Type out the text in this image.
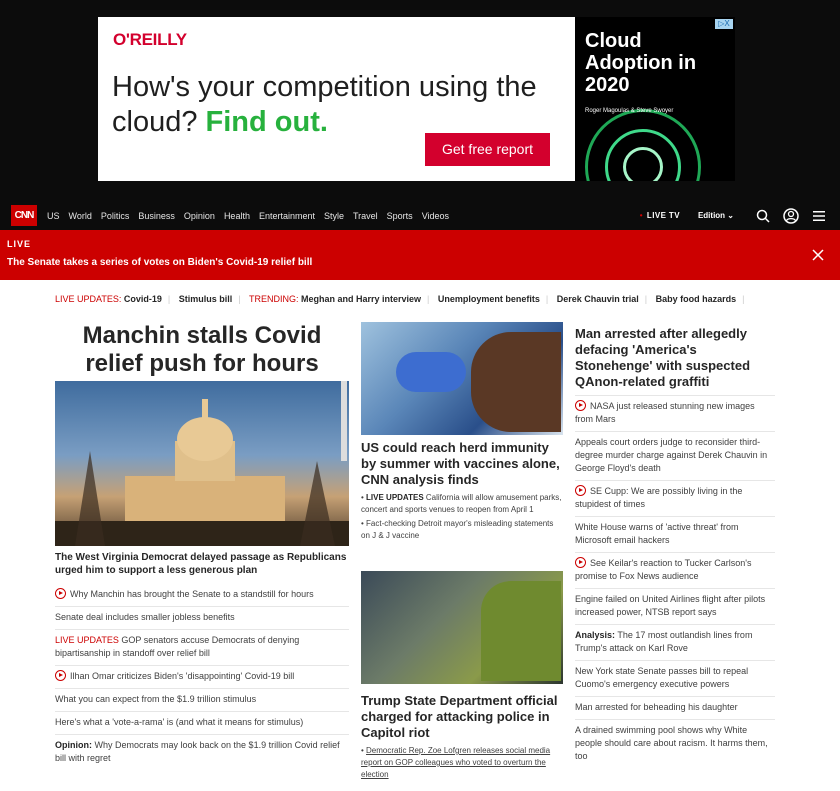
O'REILLY
How's your competition using the cloud? Find out.
Get free report
Cloud Adoption in 2020
Roger Magoulas & Steve Swoyer
▷X
CNN	US World Politics Business Opinion Health Entertainment Style Travel Sports Videos	• LIVE TV Edition ⌄
LIVE
The Senate takes a series of votes on Biden's Covid-19 relief bill
LIVE UPDATES: Covid-19 | Stimulus bill | TRENDING: Meghan and Harry interview | Unemployment benefits | Derek Chauvin trial | Baby food hazards |
Manchin stalls Covid relief push for hours
The West Virginia Democrat delayed passage as Republicans urged him to support a less generous plan
Why Manchin has brought the Senate to a standstill for hours
Senate deal includes smaller jobless benefits
LIVE UPDATES GOP senators accuse Democrats of denying bipartisanship in standoff over relief bill
Ilhan Omar criticizes Biden's 'disappointing' Covid-19 bill
What you can expect from the $1.9 trillion stimulus
Here's what a 'vote-a-rama' is (and what it means for stimulus)
Opinion: Why Democrats may look back on the $1.9 trillion Covid relief bill with regret
US could reach herd immunity by summer with vaccines alone, CNN analysis finds
• LIVE UPDATES California will allow amusement parks, concert and sports venues to reopen from April 1
• Fact-checking Detroit mayor's misleading statements on J & J vaccine
Trump State Department official charged for attacking police in Capitol riot
• Democratic Rep. Zoe Lofgren releases social media report on GOP colleagues who voted to overturn the election
Man arrested after allegedly defacing 'America's Stonehenge' with suspected QAnon-related graffiti
NASA just released stunning new images from Mars
Appeals court orders judge to reconsider third-degree murder charge against Derek Chauvin in George Floyd's death
SE Cupp: We are possibly living in the stupidest of times
White House warns of 'active threat' from Microsoft email hackers
See Keilar's reaction to Tucker Carlson's promise to Fox News audience
Engine failed on United Airlines flight after pilots increased power, NTSB report says
Analysis: The 17 most outlandish lines from Trump's attack on Karl Rove
New York state Senate passes bill to repeal Cuomo's emergency executive powers
Man arrested for beheading his daughter
A drained swimming pool shows why White people should care about racism. It harms them, too
